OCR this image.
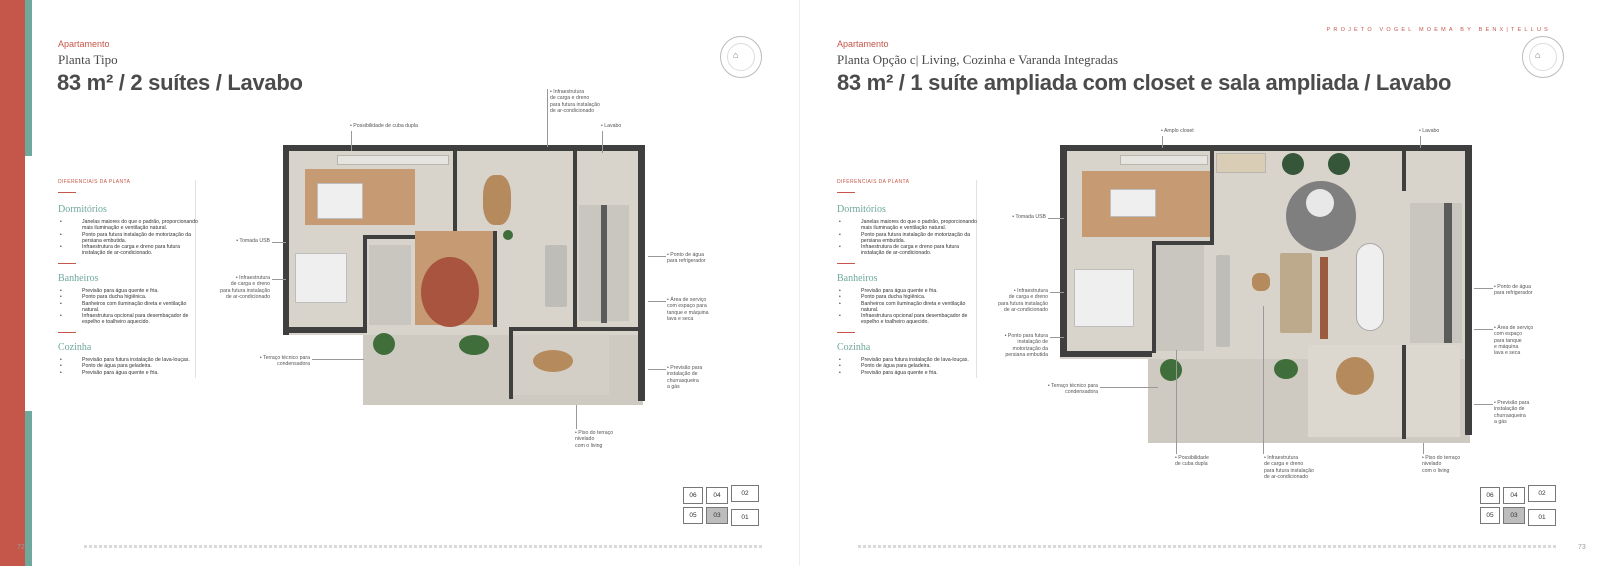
Apartamento
Planta Tipo
83 m² / 2 suítes / Lavabo
⌂
DIFERENCIAIS DA PLANTA
Dormitórios
• Janelas maiores do que o padrão, proporcionando mais iluminação e ventilação natural.
• Ponto para futura instalação de motorização da persiana embutida.
• Infraestrutura de carga e dreno para futura instalação de ar-condicionado.
Banheiros
• Previsão para água quente e fria.
• Ponto para ducha higiênica.
• Banheiros com iluminação direta e ventilação natural.
• Infraestrutura opcional para desembaçador de espelho e toalheiro aquecido.
Cozinha
• Previsão para futura instalação de lava-louças.
• Ponto de água para geladeira.
• Previsão para água quente e fria.
• Possibilidade de cuba dupla
• Infraestrutura
de carga e dreno
para futura instalação
de ar-condicionado
• Lavabo
• Tomada USB
• Infraestrutura
de carga e dreno
para futura instalação
de ar-condicionado
• Ponto de água
para refrigerador
• Área de serviço
com espaço para
tanque e máquina
lava e seca
• Terraço técnico para
condensadora
• Previsão para
instalação de
churrasqueira
a gás
• Piso do terraço
nivelado
com o living
06	04	02
05	03	01
72
PROJETO VOGEL MOEMA BY BENX|TELLUS
Apartamento
Planta Opção c| Living, Cozinha e Varanda Integradas
83 m² / 1 suíte ampliada com closet e sala ampliada / Lavabo
⌂
DIFERENCIAIS DA PLANTA
Dormitórios
• Janelas maiores do que o padrão, proporcionando mais iluminação e ventilação natural.
• Ponto para futura instalação de motorização da persiana embutida.
• Infraestrutura de carga e dreno para futura instalação de ar-condicionado.
Banheiros
• Previsão para água quente e fria.
• Ponto para ducha higiênica.
• Banheiros com iluminação direta e ventilação natural.
• Infraestrutura opcional para desembaçador de espelho e toalheiro aquecido.
Cozinha
• Previsão para futura instalação de lava-louças.
• Ponto de água para geladeira.
• Previsão para água quente e fria.
• Amplo closet	• Lavabo
• Tomada USB
• Infraestrutura
de carga e dreno
para futura instalação
de ar-condicionado
• Ponto para futura
instalação de
motorização da
persiana embutida
• Terraço técnico para
condensadora
• Ponto de água
para refrigerador
• Área de serviço
com espaço
para tanque
e máquina
lava e seca
• Previsão para
instalação de
churrasqueira
a gás
• Possibilidade
de cuba dupla
• Infraestrutura
de carga e dreno
para futura instalação
de ar-condicionado
• Piso do terraço
nivelado
com o living
06	04	02
05	03	01
73
